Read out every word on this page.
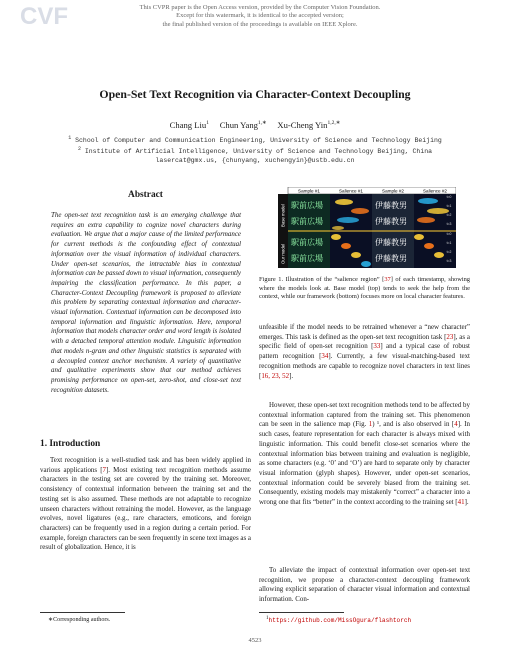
CVF	This CVPR paper is the Open Access version, provided by the Computer Vision Foundation.
Except for this watermark, it is identical to the accepted version;
the final published version of the proceedings is available on IEEE Xplore.
Open-Set Text Recognition via Character-Context Decoupling
Chang Liu$^1$ Chun Yang$^{1,∗}$ Xu-Cheng Yin$^{1,2,∗}$
$^1$ School of Computer and Communication Engineering, University of Science and Technology Beijing
$^2$ Institute of Artificial Intelligence, University of Science and Technology Beijing, China
lasercat@gmx.us, {chunyang, xuchengyin}@ustb.edu.cn
Abstract
The open-set text recognition task is an emerging challenge that requires an extra capability to cognize novel characters during evaluation. We argue that a major cause of the limited performance for current methods is the confounding effect of contextual information over the visual information of individual characters. Under open-set scenarios, the intractable bias in contextual information can be passed down to visual information, consequently impairing the classification performance. In this paper, a Character-Context Decoupling framework is proposed to alleviate this problem by separating contextual information and character-visual information. Contextual information can be decomposed into temporal information and linguistic information. Here, temporal information that models character order and word length is isolated with a detached temporal attention module. Linguistic information that models n-gram and other linguistic statistics is separated with a decoupled context anchor mechanism. A variety of quantitative and qualitative experiments show that our method achieves promising performance on open-set, zero-shot, and close-set text recognition datasets.
1. Introduction
Text recognition is a well-studied task and has been widely applied in various applications [7]. Most existing text recognition methods assume characters in the testing set are covered by the training set. Moreover, consistency of contextual information between the training set and the testing set is also assumed. These methods are not adaptable to recognize unseen characters without retraining the model. However, as the language evolves, novel ligatures (e.g., rare characters, emoticons, and foreign characters) can be frequently used in a region during a certain period. For example, foreign characters can be seen frequently in scene text images as a result of globalization. Hence, it is
∗Corresponding authors.
Sample #1	Salience #1	Sample #2	Salience #2
Base model
Our model
駅前広場
駅前広場
伊藤教男
伊藤教男
t=0
t=1
t=2
t=3
駅前広場
駅前広場
伊藤教男
伊藤教男
t=0
t=1
t=2
t=3
Figure 1. Illustration of the “salience region” [37] of each timestamp, showing where the models look at. Base model (top) tends to seek the help from the context, while our framework (bottom) focuses more on local character features.
unfeasible if the model needs to be retrained whenever a “new character” emerges. This task is defined as the open-set text recognition task [23], as a specific field of open-set recognition [33] and a typical case of robust pattern recognition [34]. Currently, a few visual-matching-based text recognition methods are capable to recognize novel characters in text lines [16, 23, 52].
However, these open-set text recognition methods tend to be affected by contextual information captured from the training set. This phenomenon can be seen in the salience map (Fig. 1) ¹, and is also observed in [4]. In such cases, feature representation for each character is always mixed with linguistic information. This could benefit close-set scenarios where the contextual information bias between training and evaluation is negligible, as some characters (e.g. ‘0’ and ‘O’) are hard to separate only by character visual information (glyph shapes). However, under open-set scenarios, contextual information could be severely biased from the training set. Consequently, existing models may mistakenly “correct” a character into a wrong one that fits “better” in the context according to the training set [41].
To alleviate the impact of contextual information over open-set text recognition, we propose a character-context decoupling framework allowing explicit separation of character visual information and contextual information. Con-
$^1$https://github.com/MissOgura/flashtorch
4523
